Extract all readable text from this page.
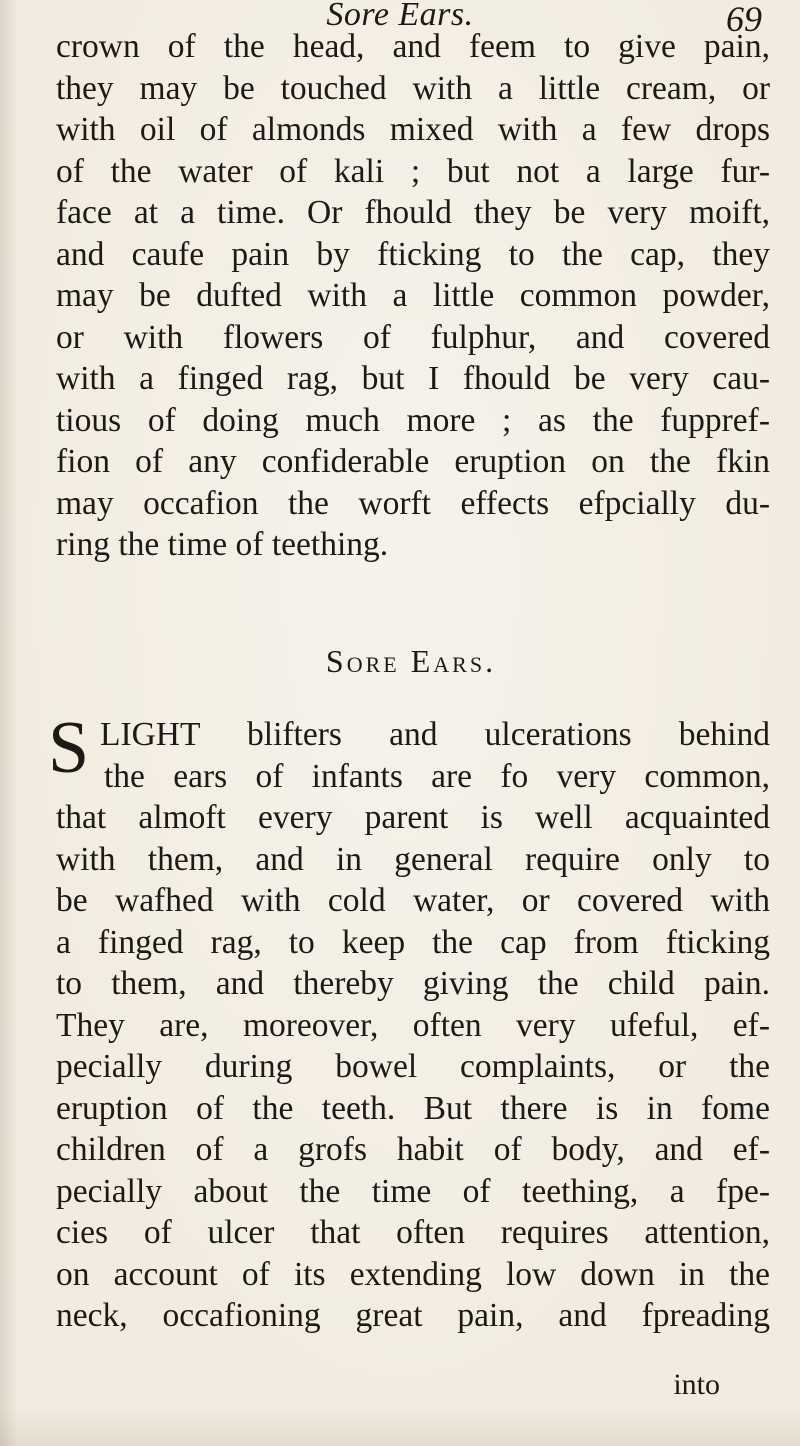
Sore Ears.	69
crown of the head, and feem to give pain,
they may be touched with a little cream, or
with oil of almonds mixed with a few drops
of the water of kali ; but not a large fur-
face at a time. Or fhould they be very moift,
and caufe pain by fticking to the cap, they
may be dufted with a little common powder,
or with flowers of fulphur, and covered
with a finged rag, but I fhould be very cau-
tious of doing much more ; as the fuppref-
fion of any confiderable eruption on the fkin
may occafion the worft effects efpcially du-
ring the time of teething.
Sore Ears.
S LIGHT blifters and ulcerations behind
the ears of infants are fo very common,
that almoft every parent is well acquainted
with them, and in general require only to
be wafhed with cold water, or covered with
a finged rag, to keep the cap from fticking
to them, and thereby giving the child pain.
They are, moreover, often very ufeful, ef-
pecially during bowel complaints, or the
eruption of the teeth. But there is in fome
children of a grofs habit of body, and ef-
pecially about the time of teething, a fpe-
cies of ulcer that often requires attention,
on account of its extending low down in the
neck, occafioning great pain, and fpreading
into
